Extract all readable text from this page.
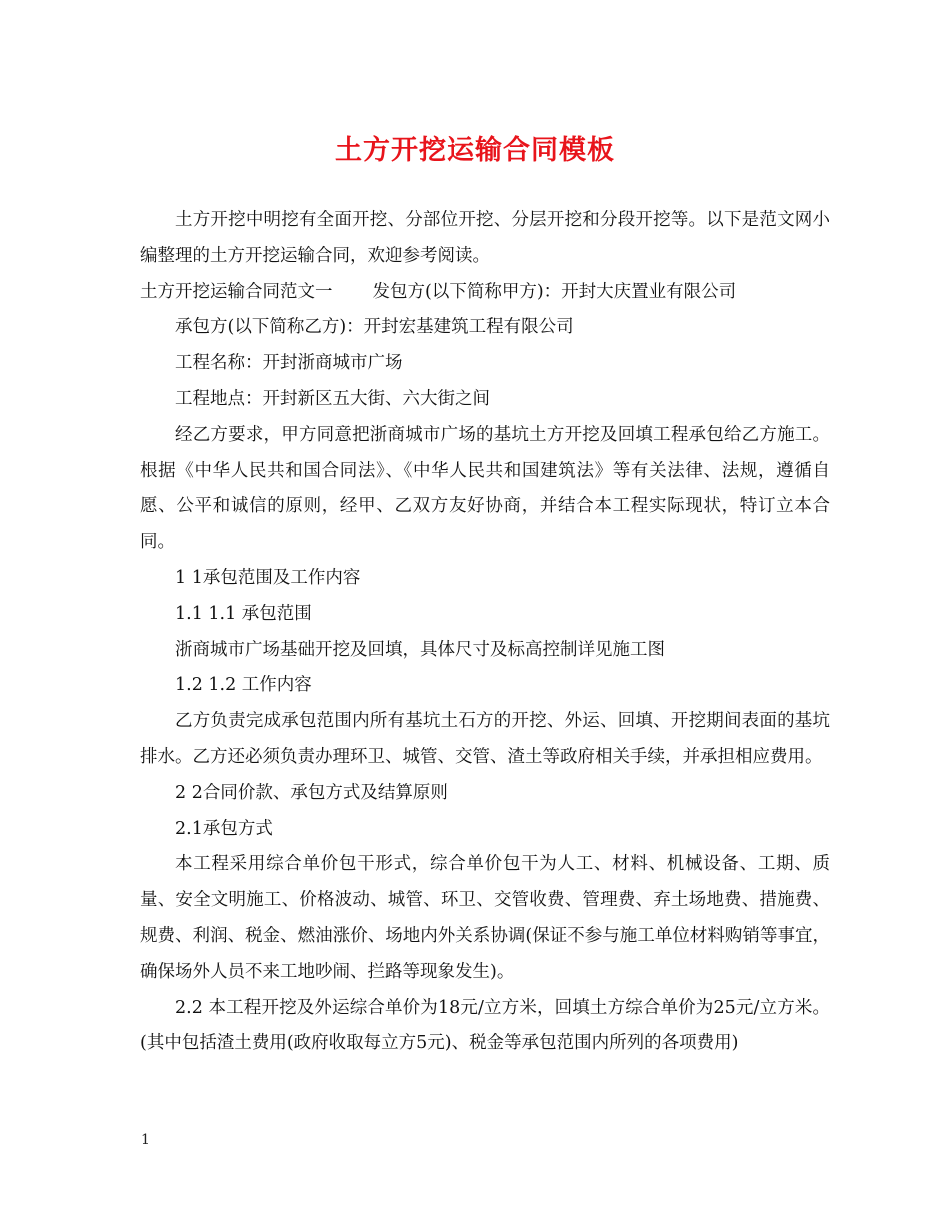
土方开挖运输合同模板

土方开挖中明挖有全面开挖、分部位开挖、分层开挖和分段开挖等。以下是范文网小编整理的土方开挖运输合同，欢迎参考阅读。

土方开挖运输合同范文一 发包方(以下简称甲方)：开封大庆置业有限公司

承包方(以下简称乙方)：开封宏基建筑工程有限公司

工程名称：开封浙商城市广场

工程地点：开封新区五大街、六大街之间

经乙方要求，甲方同意把浙商城市广场的基坑土方开挖及回填工程承包给乙方施工。根据《中华人民共和国合同法》、《中华人民共和国建筑法》等有关法律、法规，遵循自愿、公平和诚信的原则，经甲、乙双方友好协商，并结合本工程实际现状，特订立本合同。

1 1承包范围及工作内容

1.1 1.1 承包范围

浙商城市广场基础开挖及回填，具体尺寸及标高控制详见施工图

1.2 1.2 工作内容

乙方负责完成承包范围内所有基坑土石方的开挖、外运、回填、开挖期间表面的基坑排水。乙方还必须负责办理环卫、城管、交管、渣土等政府相关手续，并承担相应费用。

2 2合同价款、承包方式及结算原则

2.1承包方式

本工程采用综合单价包干形式，综合单价包干为人工、材料、机械设备、工期、质量、安全文明施工、价格波动、城管、环卫、交管收费、管理费、弃土场地费、措施费、规费、利润、税金、燃油涨价、场地内外关系协调(保证不参与施工单位材料购销等事宜，确保场外人员不来工地吵闹、拦路等现象发生)。

2.2 本工程开挖及外运综合单价为18元/立方米，回填土方综合单价为25元/立方米。(其中包括渣土费用(政府收取每立方5元)、税金等承包范围内所列的各项费用)

1
